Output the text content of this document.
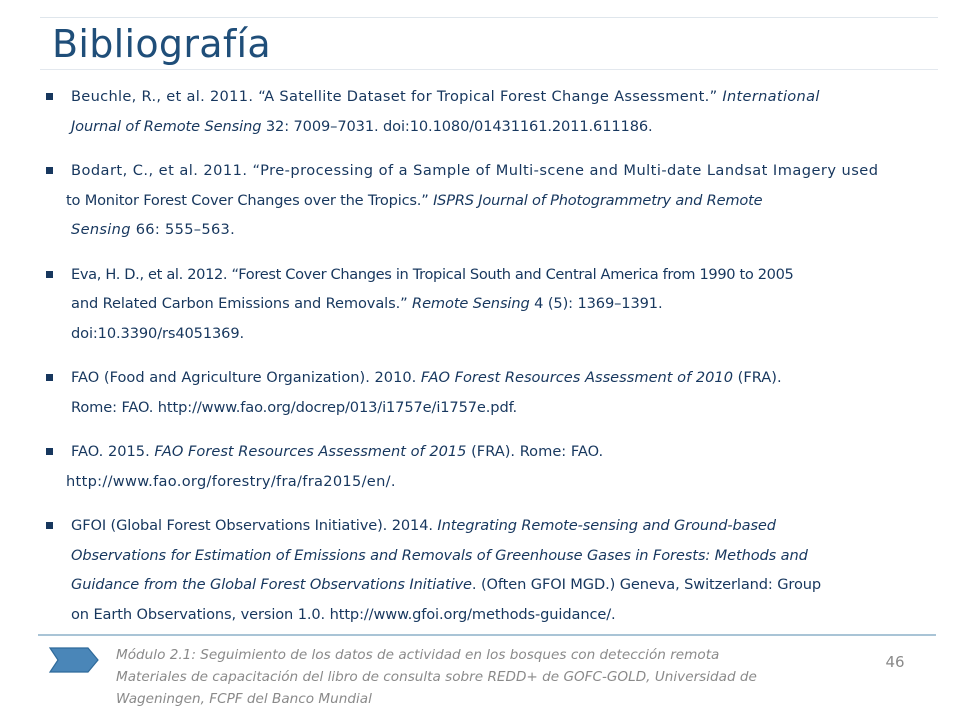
Bibliografía
Beuchle, R., et al. 2011. “A Satellite Dataset for Tropical Forest Change Assessment.” International
Journal of Remote Sensing 32: 7009–7031. doi:10.1080/01431161.2011.611186.
Bodart, C., et al. 2011. “Pre-processing of a Sample of Multi-scene and Multi-date Landsat Imagery used
to Monitor Forest Cover Changes over the Tropics.” ISPRS Journal of Photogrammetry and Remote
Sensing 66: 555–563.
Eva, H. D., et al. 2012. “Forest Cover Changes in Tropical South and Central America from 1990 to 2005
and Related Carbon Emissions and Removals.” Remote Sensing 4 (5): 1369–1391.
doi:10.3390/rs4051369.
FAO (Food and Agriculture Organization). 2010. FAO Forest Resources Assessment of 2010 (FRA).
Rome: FAO. http://www.fao.org/docrep/013/i1757e/i1757e.pdf.
FAO. 2015. FAO Forest Resources Assessment of 2015 (FRA). Rome: FAO.
http://www.fao.org/forestry/fra/fra2015/en/.
GFOI (Global Forest Observations Initiative). 2014. Integrating Remote-sensing and Ground-based
Observations for Estimation of Emissions and Removals of Greenhouse Gases in Forests: Methods and
Guidance from the Global Forest Observations Initiative. (Often GFOI MGD.) Geneva, Switzerland: Group
on Earth Observations, version 1.0. http://www.gfoi.org/methods-guidance/.
Módulo 2.1: Seguimiento de los datos de actividad en los bosques con detección remota
Materiales de capacitación del libro de consulta sobre REDD+ de GOFC-GOLD, Universidad de
Wageningen, FCPF del Banco Mundial
46
